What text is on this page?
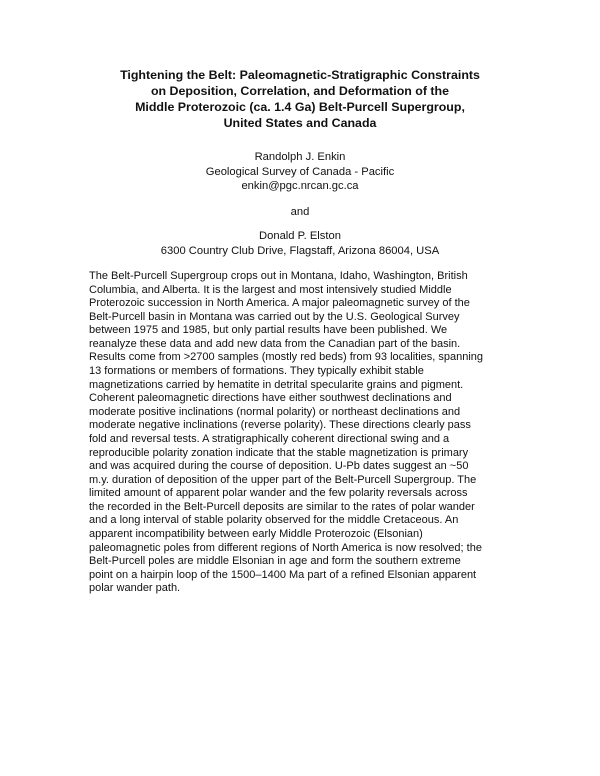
Tightening the Belt: Paleomagnetic-Stratigraphic Constraints
on Deposition, Correlation, and Deformation of the
Middle Proterozoic (ca. 1.4 Ga) Belt-Purcell Supergroup,
United States and Canada
Randolph J. Enkin
Geological Survey of Canada - Pacific
enkin@pgc.nrcan.gc.ca
and
Donald P. Elston
6300 Country Club Drive, Flagstaff, Arizona 86004, USA
The Belt-Purcell Supergroup crops out in Montana, Idaho, Washington, British
Columbia, and Alberta. It is the largest and most intensively studied Middle
Proterozoic succession in North America. A major paleomagnetic survey of the
Belt-Purcell basin in Montana was carried out by the U.S. Geological Survey
between 1975 and 1985, but only partial results have been published. We
reanalyze these data and add new data from the Canadian part of the basin.
Results come from >2700 samples (mostly red beds) from 93 localities, spanning
13 formations or members of formations. They typically exhibit stable
magnetizations carried by hematite in detrital specularite grains and pigment.
Coherent paleomagnetic directions have either southwest declinations and
moderate positive inclinations (normal polarity) or northeast declinations and
moderate negative inclinations (reverse polarity). These directions clearly pass
fold and reversal tests. A stratigraphically coherent directional swing and a
reproducible polarity zonation indicate that the stable magnetization is primary
and was acquired during the course of deposition. U-Pb dates suggest an ~50
m.y. duration of deposition of the upper part of the Belt-Purcell Supergroup. The
limited amount of apparent polar wander and the few polarity reversals across
the recorded in the Belt-Purcell deposits are similar to the rates of polar wander
and a long interval of stable polarity observed for the middle Cretaceous. An
apparent incompatibility between early Middle Proterozoic (Elsonian)
paleomagnetic poles from different regions of North America is now resolved; the
Belt-Purcell poles are middle Elsonian in age and form the southern extreme
point on a hairpin loop of the 1500–1400 Ma part of a refined Elsonian apparent
polar wander path.
